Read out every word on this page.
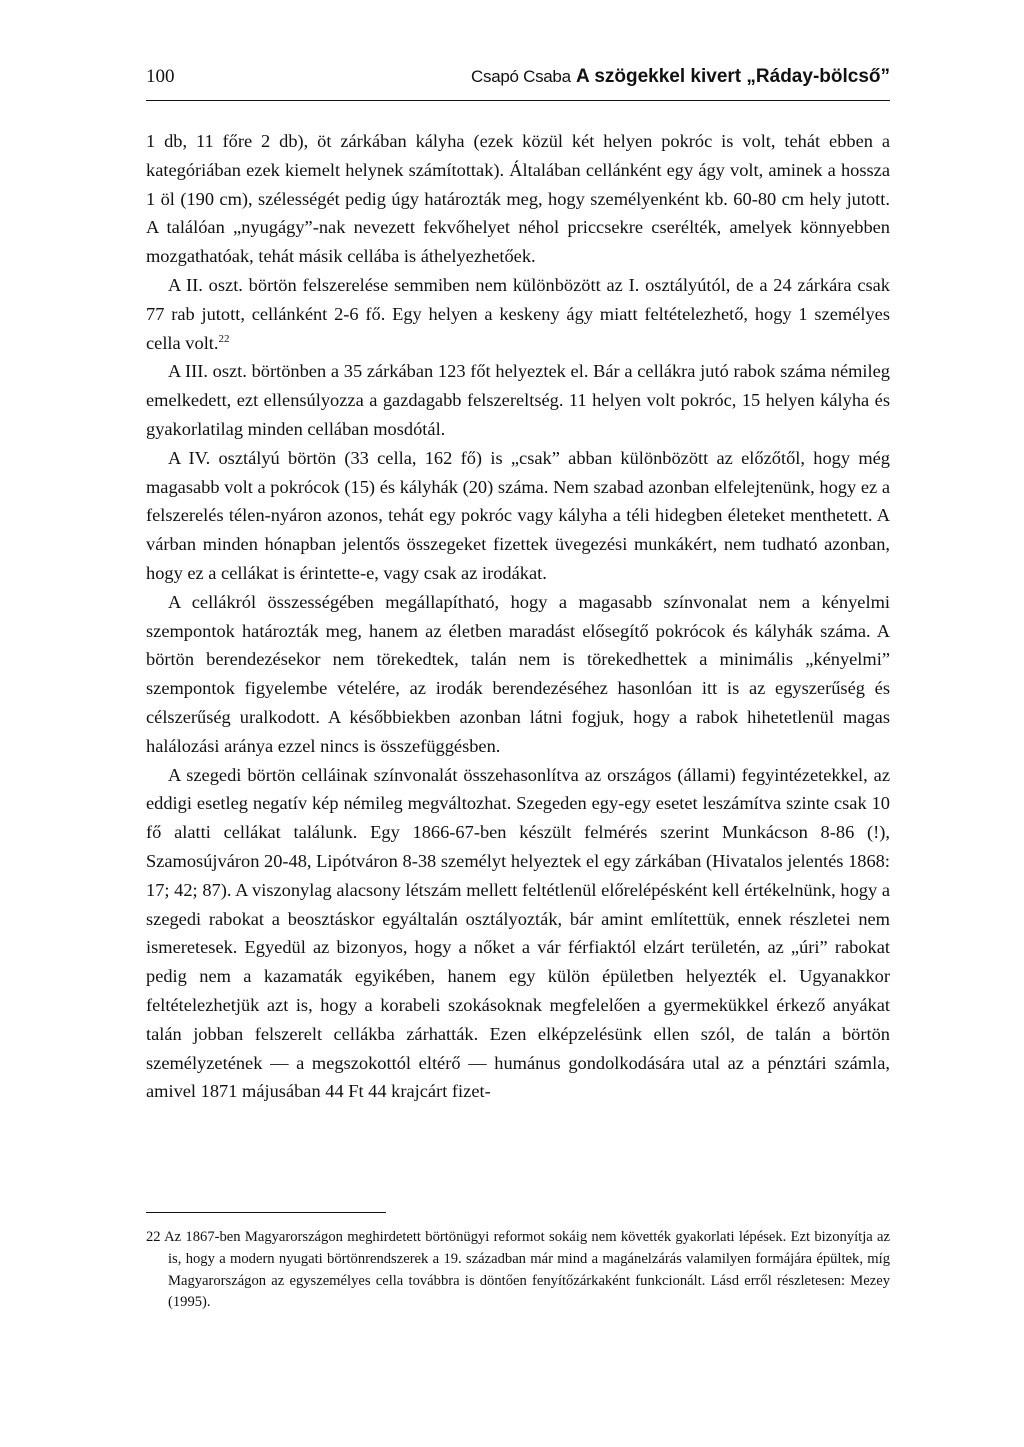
100	Csapó Csaba A szögekkel kivert „Ráday-bölcső”

1 db, 11 főre 2 db), öt zárkában kályha (ezek közül két helyen pokróc is volt, tehát ebben a kategóriában ezek kiemelt helynek számítottak). Általában cellánként egy ágy volt, aminek a hossza 1 öl (190 cm), szélességét pedig úgy határozták meg, hogy személyenként kb. 60-80 cm hely jutott. A találóan „nyugágy”-nak nevezett fekvőhelyet néhol priccsekre cserélték, amelyek könnyebben mozgathatóak, tehát másik cellába is áthelyezhetőek.

A II. oszt. börtön felszerelése semmiben nem különbözött az I. osztályútól, de a 24 zárkára csak 77 rab jutott, cellánként 2-6 fő. Egy helyen a keskeny ágy miatt feltételezhető, hogy 1 személyes cella volt.$^{22}$

A III. oszt. börtönben a 35 zárkában 123 főt helyeztek el. Bár a cellákra jutó rabok száma némileg emelkedett, ezt ellensúlyozza a gazdagabb felszereltség. 11 helyen volt pokróc, 15 helyen kályha és gyakorlatilag minden cellában mosdótál.

A IV. osztályú börtön (33 cella, 162 fő) is „csak” abban különbözött az előzőtől, hogy még magasabb volt a pokrócok (15) és kályhák (20) száma. Nem szabad azonban elfelejtenünk, hogy ez a felszerelés télen-nyáron azonos, tehát egy pokróc vagy kályha a téli hidegben életeket menthetett. A várban minden hónapban jelentős összegeket fizettek üvegezési munkákért, nem tudható azonban, hogy ez a cellákat is érintette-e, vagy csak az irodákat.

A cellákról összességében megállapítható, hogy a magasabb színvonalat nem a kényelmi szempontok határozták meg, hanem az életben maradást elősegítő pokrócok és kályhák száma. A börtön berendezésekor nem törekedtek, talán nem is törekedhettek a minimális „kényelmi” szempontok figyelembe vételére, az irodák berendezéséhez hasonlóan itt is az egyszerűség és célszerűség uralkodott. A későbbiekben azonban látni fogjuk, hogy a rabok hihetetlenül magas halálozási aránya ezzel nincs is összefüggésben.

A szegedi börtön celláinak színvonalát összehasonlítva az országos (állami) fegyintézetekkel, az eddigi esetleg negatív kép némileg megváltozhat. Szegeden egy-egy esetet leszámítva szinte csak 10 fő alatti cellákat találunk. Egy 1866-67-ben készült felmérés szerint Munkácson 8-86 (!), Szamosújváron 20-48, Lipótváron 8-38 személyt helyeztek el egy zárkában (Hivatalos jelentés 1868: 17; 42; 87). A viszonylag alacsony létszám mellett feltétlenül előrelépésként kell értékelnünk, hogy a szegedi rabokat a beosztáskor egyáltalán osztályozták, bár amint említettük, ennek részletei nem ismeretesek. Egyedül az bizonyos, hogy a nőket a vár férfiaktól elzárt területén, az „úri” rabokat pedig nem a kazamaták egyikében, hanem egy külön épületben helyezték el. Ugyanakkor feltételezhetjük azt is, hogy a korabeli szokásoknak megfelelően a gyermekükkel érkező anyákat talán jobban felszerelt cellákba zárhatták. Ezen elképzelésünk ellen szól, de talán a börtön személyzetének — a megszokottól eltérő — humánus gondolkodására utal az a pénztári számla, amivel 1871 májusában 44 Ft 44 krajcárt fizet-

22 Az 1867-ben Magyarországon meghirdetett börtönügyi reformot sokáig nem követték gyakorlati lépések. Ezt bizonyítja az is, hogy a modern nyugati börtönrendszerek a 19. században már mind a magánelzárás valamilyen formájára épültek, míg Magyarországon az egyszemélyes cella továbbra is döntően fenyítőzárkaként funkcionált. Lásd erről részletesen: Mezey (1995).
